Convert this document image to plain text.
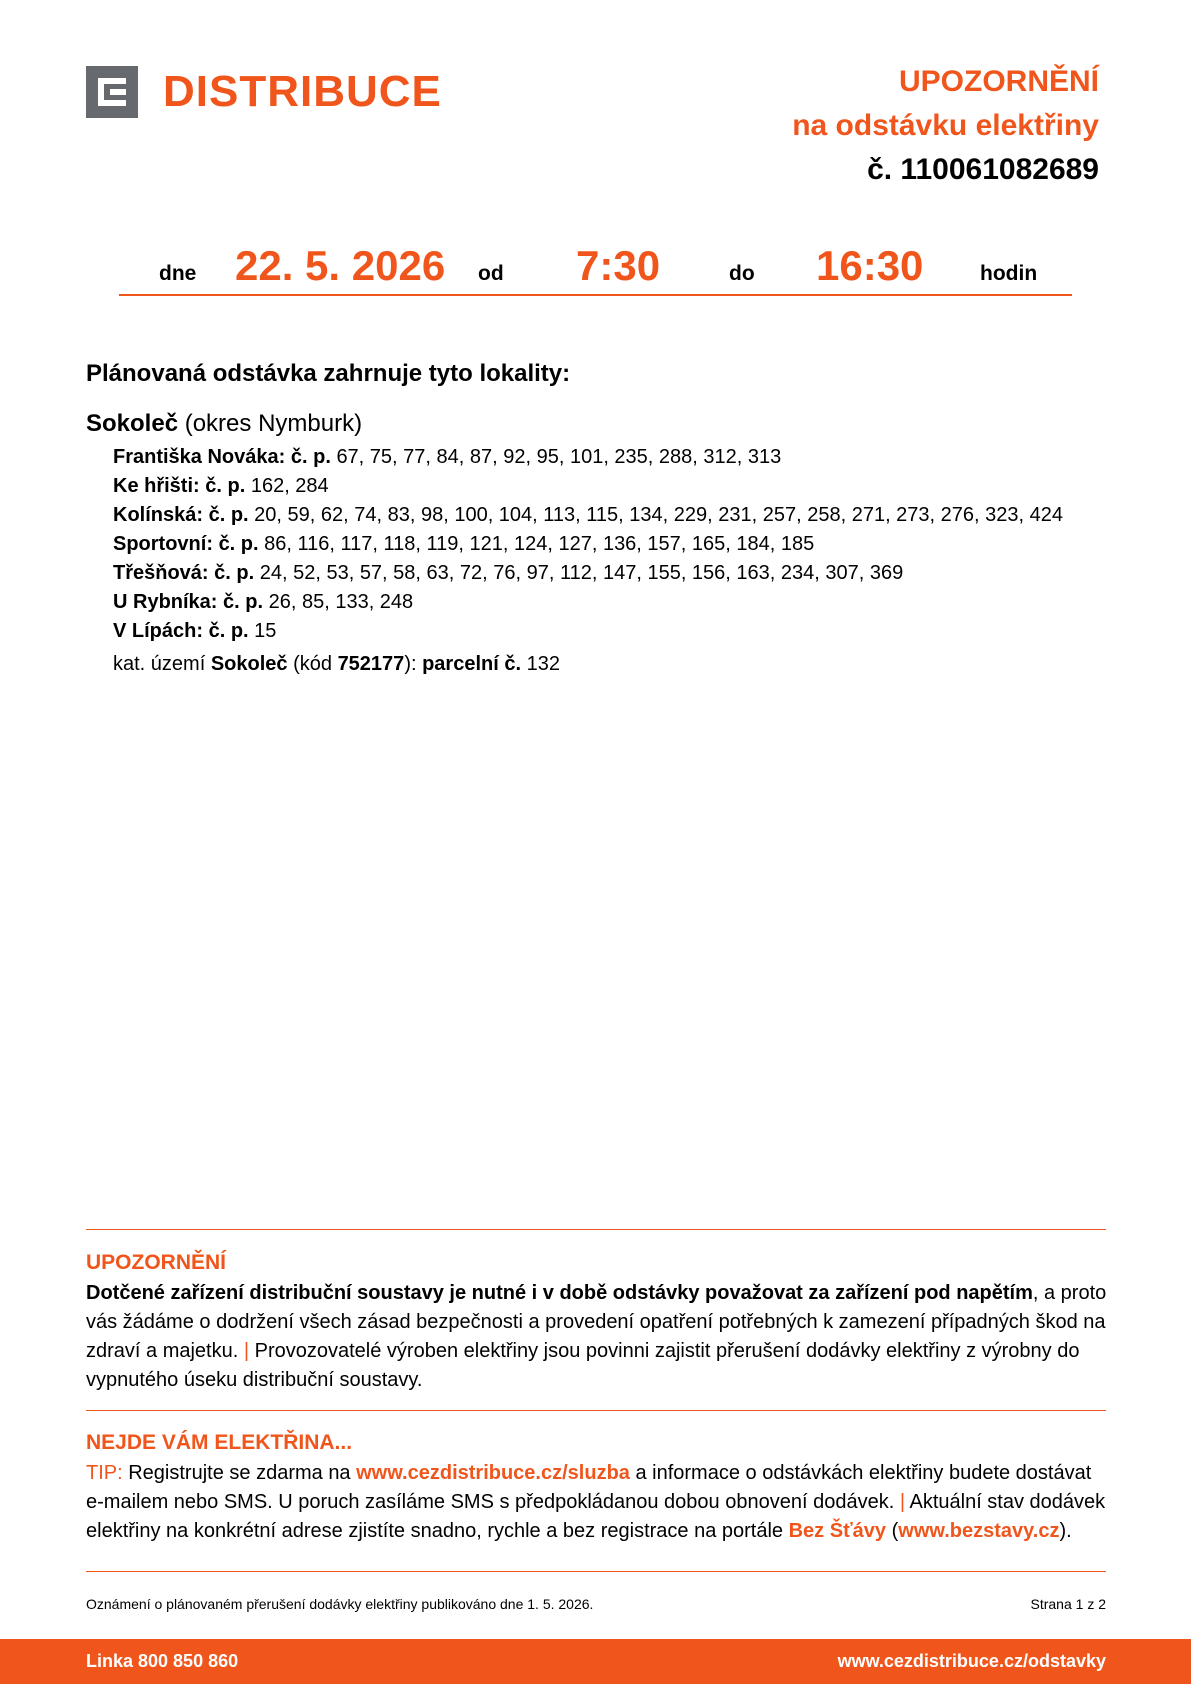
DISTRIBUCE	UPOZORNĚNÍ
na odstávku elektřiny
č. 110061082689
dne 22. 5. 2026 od 7:30	do 16:30	hodin
Plánovaná odstávka zahrnuje tyto lokality:
Sokoleč (okres Nymburk)
Františka Nováka: č. p. 67, 75, 77, 84, 87, 92, 95, 101, 235, 288, 312, 313
Ke hřišti: č. p. 162, 284
Kolínská: č. p. 20, 59, 62, 74, 83, 98, 100, 104, 113, 115, 134, 229, 231, 257, 258, 271, 273, 276, 323, 424
Sportovní: č. p. 86, 116, 117, 118, 119, 121, 124, 127, 136, 157, 165, 184, 185
Třešňová: č. p. 24, 52, 53, 57, 58, 63, 72, 76, 97, 112, 147, 155, 156, 163, 234, 307, 369
U Rybníka: č. p. 26, 85, 133, 248
V Lípách: č. p. 15
kat. území Sokoleč (kód 752177): parcelní č. 132
UPOZORNĚNÍ
Dotčené zařízení distribuční soustavy je nutné i v době odstávky považovat za zařízení pod napětím, a proto vás žádáme o dodržení všech zásad bezpečnosti a provedení opatření potřebných k zamezení případných škod na zdraví a majetku. | Provozovatelé výroben elektřiny jsou povinni zajistit přerušení dodávky elektřiny z výrobny do vypnutého úseku distribuční soustavy.
NEJDE VÁM ELEKTŘINA...
TIP: Registrujte se zdarma na www.cezdistribuce.cz/sluzba a informace o odstávkách elektřiny budete dostávat e-mailem nebo SMS. U poruch zasíláme SMS s předpokládanou dobou obnovení dodávek. | Aktuální stav dodávek elektřiny na konkrétní adrese zjistíte snadno, rychle a bez registrace na portále Bez Šťávy (www.bezstavy.cz).
Oznámení o plánovaném přerušení dodávky elektřiny publikováno dne 1. 5. 2026.	Strana 1 z 2
Linka 800 850 860	www.cezdistribuce.cz/odstavky
